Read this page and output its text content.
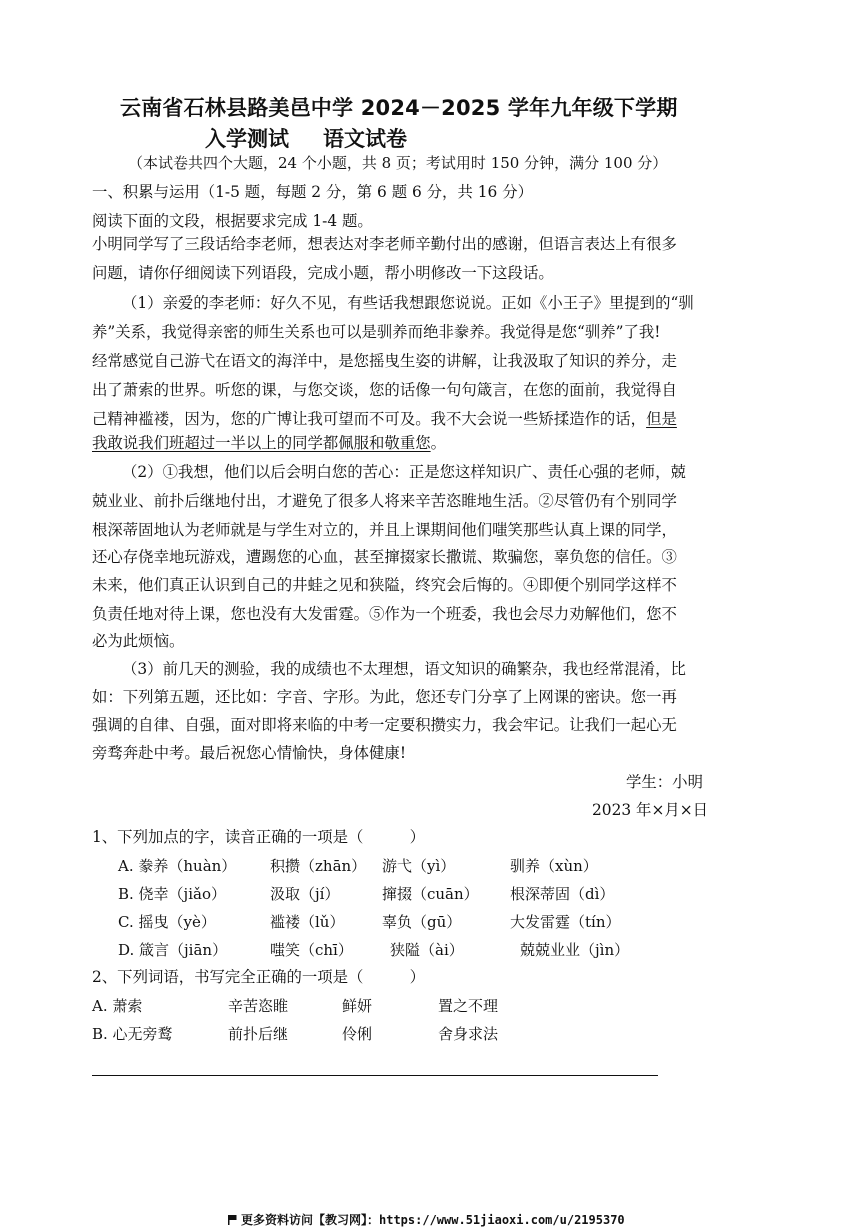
云南省石林县路美邑中学 2024－2025 学年九年级下学期
入学测试 语文试卷
（本试卷共四个大题，24 个小题，共 8 页；考试用时 150 分钟，满分 100 分）
一、积累与运用（1-5 题，每题 2 分，第 6 题 6 分，共 16 分）
阅读下面的文段，根据要求完成 1-4 题。
小明同学写了三段话给李老师，想表达对李老师辛勤付出的感谢，但语言表达上有很多
问题，请你仔细阅读下列语段，完成小题，帮小明修改一下这段话。
（1）亲爱的李老师：好久不见，有些话我想跟您说说。正如《小王子》里提到的“驯
养”关系，我觉得亲密的师生关系也可以是驯养而绝非豢养。我觉得是您“驯养”了我!
经常感觉自己游弋在语文的海洋中，是您摇曳生姿的讲解，让我汲取了知识的养分，走
出了萧索的世界。听您的课，与您交谈，您的话像一句句箴言，在您的面前，我觉得自
己精神褴褛，因为，您的广博让我可望而不可及。我不大会说一些矫揉造作的话，但是
我敢说我们班超过一半以上的同学都佩服和敬重您。
（2）①我想，他们以后会明白您的苦心：正是您这样知识广、责任心强的老师，兢
兢业业、前扑后继地付出，才避免了很多人将来辛苦恣睢地生活。②尽管仍有个别同学
根深蒂固地认为老师就是与学生对立的，并且上课期间他们嗤笑那些认真上课的同学，
还心存侥幸地玩游戏，遭踢您的心血，甚至撺掇家长撒谎、欺骗您，辜负您的信任。③
未来，他们真正认识到自己的井蛙之见和狭隘，终究会后悔的。④即便个别同学这样不
负责任地对待上课，您也没有大发雷霆。⑤作为一个班委，我也会尽力劝解他们，您不
必为此烦恼。
（3）前几天的测验，我的成绩也不太理想，语文知识的确繁杂，我也经常混淆，比
如：下列第五题，还比如：字音、字形。为此，您还专门分享了上网课的密诀。您一再
强调的自律、自强，面对即将来临的中考一定要积攒实力，我会牢记。让我们一起心无
旁骛奔赴中考。最后祝您心情愉快，身体健康!
学生：小明
2023 年×月×日
1、下列加点的字，读音正确的一项是（　　　）
A. 豢养（huàn） 积攒（zhān） 游弋（yì）	驯养（xùn）
B. 侥幸（jiǎo）	汲取（jí）	撺掇（cuān） 根深蒂固（dì）
C. 摇曳（yè）	褴褛（lǔ）	辜负（gū）	大发雷霆（tín）
D. 箴言（jiān）	嗤笑（chī） 狭隘（ài）	兢兢业业（jìn）
2、下列词语，书写完全正确的一项是（　　　）
A. 萧索	辛苦恣睢	鲜妍	置之不理
B. 心无旁鹜	前扑后继	伶俐	舍身求法
更多资料访问【教习网】：https://www.51jiaoxi.com/u/2195370
